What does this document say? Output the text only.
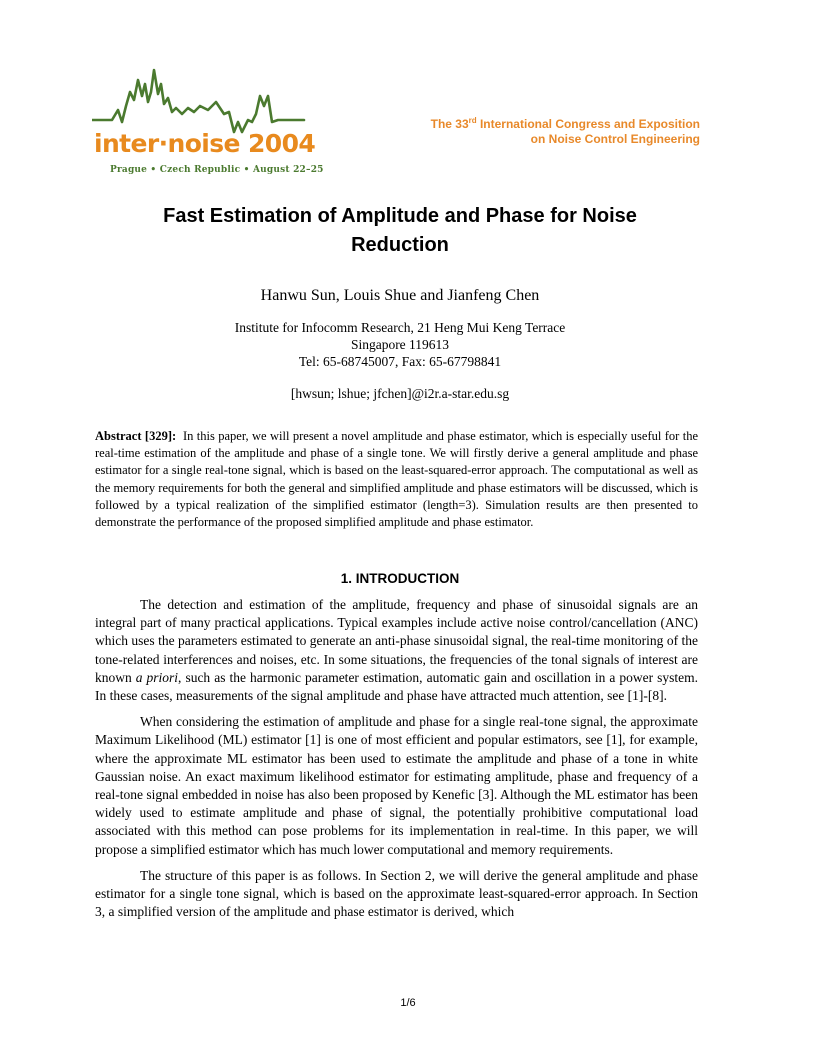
inter·noise 2004
Prague • Czech Republic • August 22–25
The 33rd International Congress and Exposition
on Noise Control Engineering
Fast Estimation of Amplitude and Phase for Noise
Reduction
Hanwu Sun, Louis Shue and Jianfeng Chen
Institute for Infocomm Research, 21 Heng Mui Keng Terrace
Singapore 119613
Tel: 65-68745007, Fax: 65-67798841
[hwsun; lshue; jfchen]@i2r.a-star.edu.sg
Abstract [329]: In this paper, we will present a novel amplitude and phase estimator, which is especially useful for the real-time estimation of the amplitude and phase of a single tone. We will firstly derive a general amplitude and phase estimator for a single real-tone signal, which is based on the least-squared-error approach. The computational as well as the memory requirements for both the general and simplified amplitude and phase estimators will be discussed, which is followed by a typical realization of the simplified estimator (length=3). Simulation results are then presented to demonstrate the performance of the proposed simplified amplitude and phase estimator.
1. INTRODUCTION

The detection and estimation of the amplitude, frequency and phase of sinusoidal signals are an integral part of many practical applications. Typical examples include active noise control/cancellation (ANC) which uses the parameters estimated to generate an anti-phase sinusoidal signal, the real-time monitoring of the tone-related interferences and noises, etc. In some situations, the frequencies of the tonal signals of interest are known a priori, such as the harmonic parameter estimation, automatic gain and oscillation in a power system. In these cases, measurements of the signal amplitude and phase have attracted much attention, see [1]-[8].

When considering the estimation of amplitude and phase for a single real-tone signal, the approximate Maximum Likelihood (ML) estimator [1] is one of most efficient and popular estimators, see [1], for example, where the approximate ML estimator has been used to estimate the amplitude and phase of a tone in white Gaussian noise. An exact maximum likelihood estimator for estimating amplitude, phase and frequency of a real-tone signal embedded in noise has also been proposed by Kenefic [3]. Although the ML estimator has been widely used to estimate amplitude and phase of signal, the potentially prohibitive computational load associated with this method can pose problems for its implementation in real-time. In this paper, we will propose a simplified estimator which has much lower computational and memory requirements.

The structure of this paper is as follows. In Section 2, we will derive the general amplitude and phase estimator for a single tone signal, which is based on the approximate least-squared-error approach. In Section 3, a simplified version of the amplitude and phase estimator is derived, which

1/6
